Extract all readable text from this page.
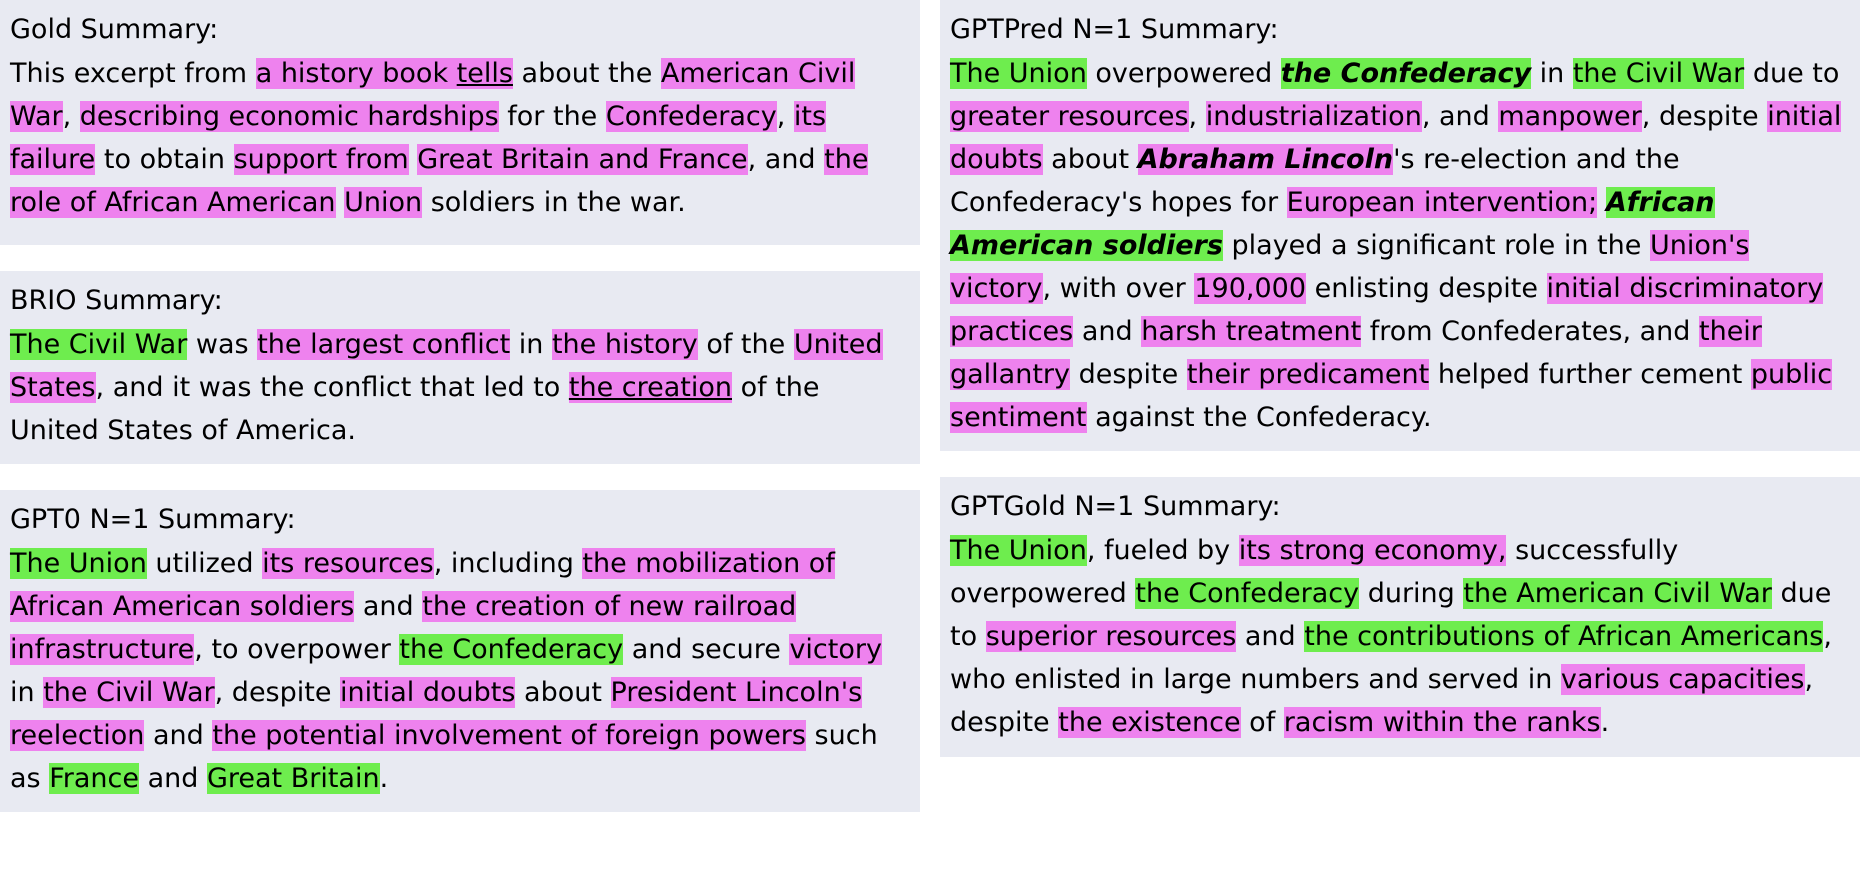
Gold Summary:
This excerpt from a history book tells about the American Civil War, describing economic hardships for the Confederacy, its failure to obtain support from Great Britain and France, and the role of African American Union soldiers in the war.
BRIO Summary:
The Civil War was the largest conflict in the history of the United States, and it was the conflict that led to the creation of the United States of America.
GPT0 N=1 Summary:
The Union utilized its resources, including the mobilization of African American soldiers and the creation of new railroad infrastructure, to overpower the Confederacy and secure victory in the Civil War, despite initial doubts about President Lincoln's reelection and the potential involvement of foreign powers such as France and Great Britain.
GPTPred N=1 Summary:
The Union overpowered the Confederacy in the Civil War due to greater resources, industrialization, and manpower, despite initial doubts about Abraham Lincoln's re-election and the Confederacy's hopes for European intervention; African American soldiers played a significant role in the Union's victory, with over 190,000 enlisting despite initial discriminatory practices and harsh treatment from Confederates, and their gallantry despite their predicament helped further cement public sentiment against the Confederacy.
GPTGold N=1 Summary:
The Union, fueled by its strong economy, successfully overpowered the Confederacy during the American Civil War due to superior resources and the contributions of African Americans, who enlisted in large numbers and served in various capacities, despite the existence of racism within the ranks.
